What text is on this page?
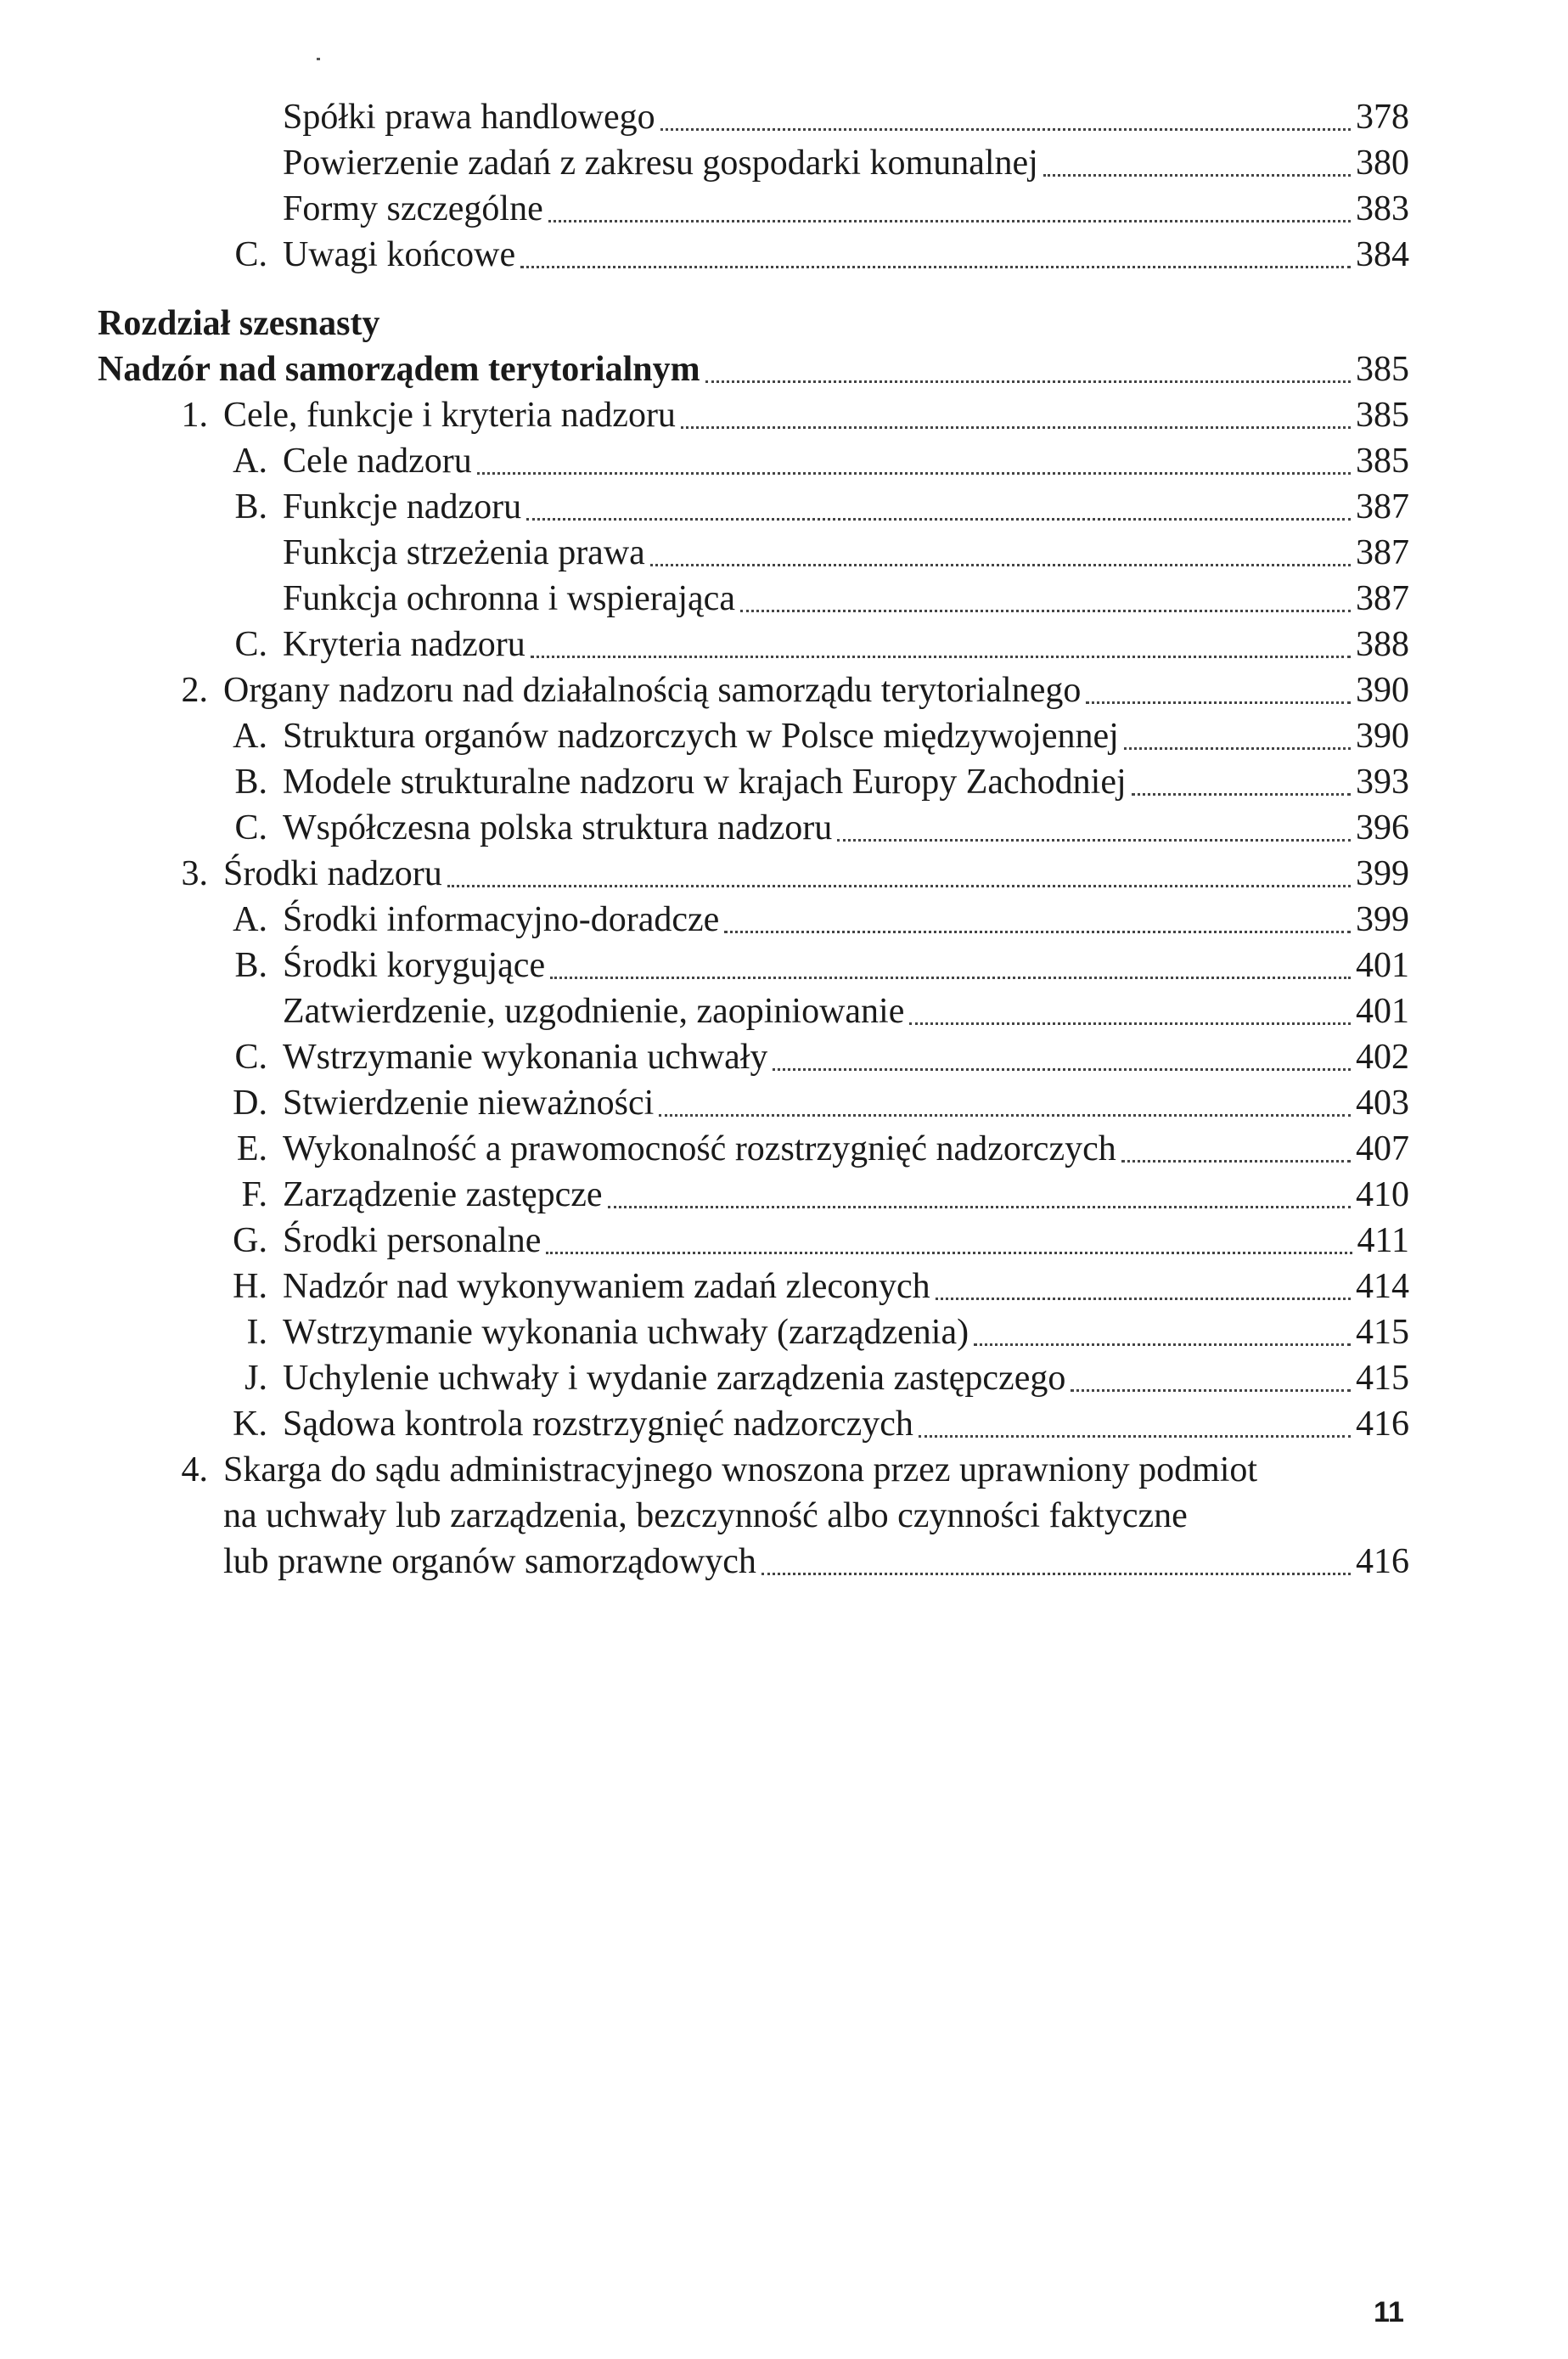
Spółki prawa handlowego	378
Powierzenie zadań z zakresu gospodarki komunalnej	380
Formy szczególne	383
C. Uwagi końcowe	384
Rozdział szesnasty
Nadzór nad samorządem terytorialnym	385
1. Cele, funkcje i kryteria nadzoru	385
A. Cele nadzoru	385
B. Funkcje nadzoru	387
Funkcja strzeżenia prawa	387
Funkcja ochronna i wspierająca	387
C. Kryteria nadzoru	388
2. Organy nadzoru nad działalnością samorządu terytorialnego	390
A. Struktura organów nadzorczych w Polsce międzywojennej	390
B. Modele strukturalne nadzoru w krajach Europy Zachodniej	393
C. Współczesna polska struktura nadzoru	396
3. Środki nadzoru	399
A. Środki informacyjno-doradcze	399
B. Środki korygujące	401
Zatwierdzenie, uzgodnienie, zaopiniowanie	401
C. Wstrzymanie wykonania uchwały	402
D. Stwierdzenie nieważności	403
E. Wykonalność a prawomocność rozstrzygnięć nadzorczych	407
F. Zarządzenie zastępcze	410
G. Środki personalne	411
H. Nadzór nad wykonywaniem zadań zleconych	414
I. Wstrzymanie wykonania uchwały (zarządzenia)	415
J. Uchylenie uchwały i wydanie zarządzenia zastępczego	415
K. Sądowa kontrola rozstrzygnięć nadzorczych	416
4. Skarga do sądu administracyjnego wnoszona przez uprawniony podmiot
na uchwały lub zarządzenia, bezczynność albo czynności faktyczne
lub prawne organów samorządowych	416
11
